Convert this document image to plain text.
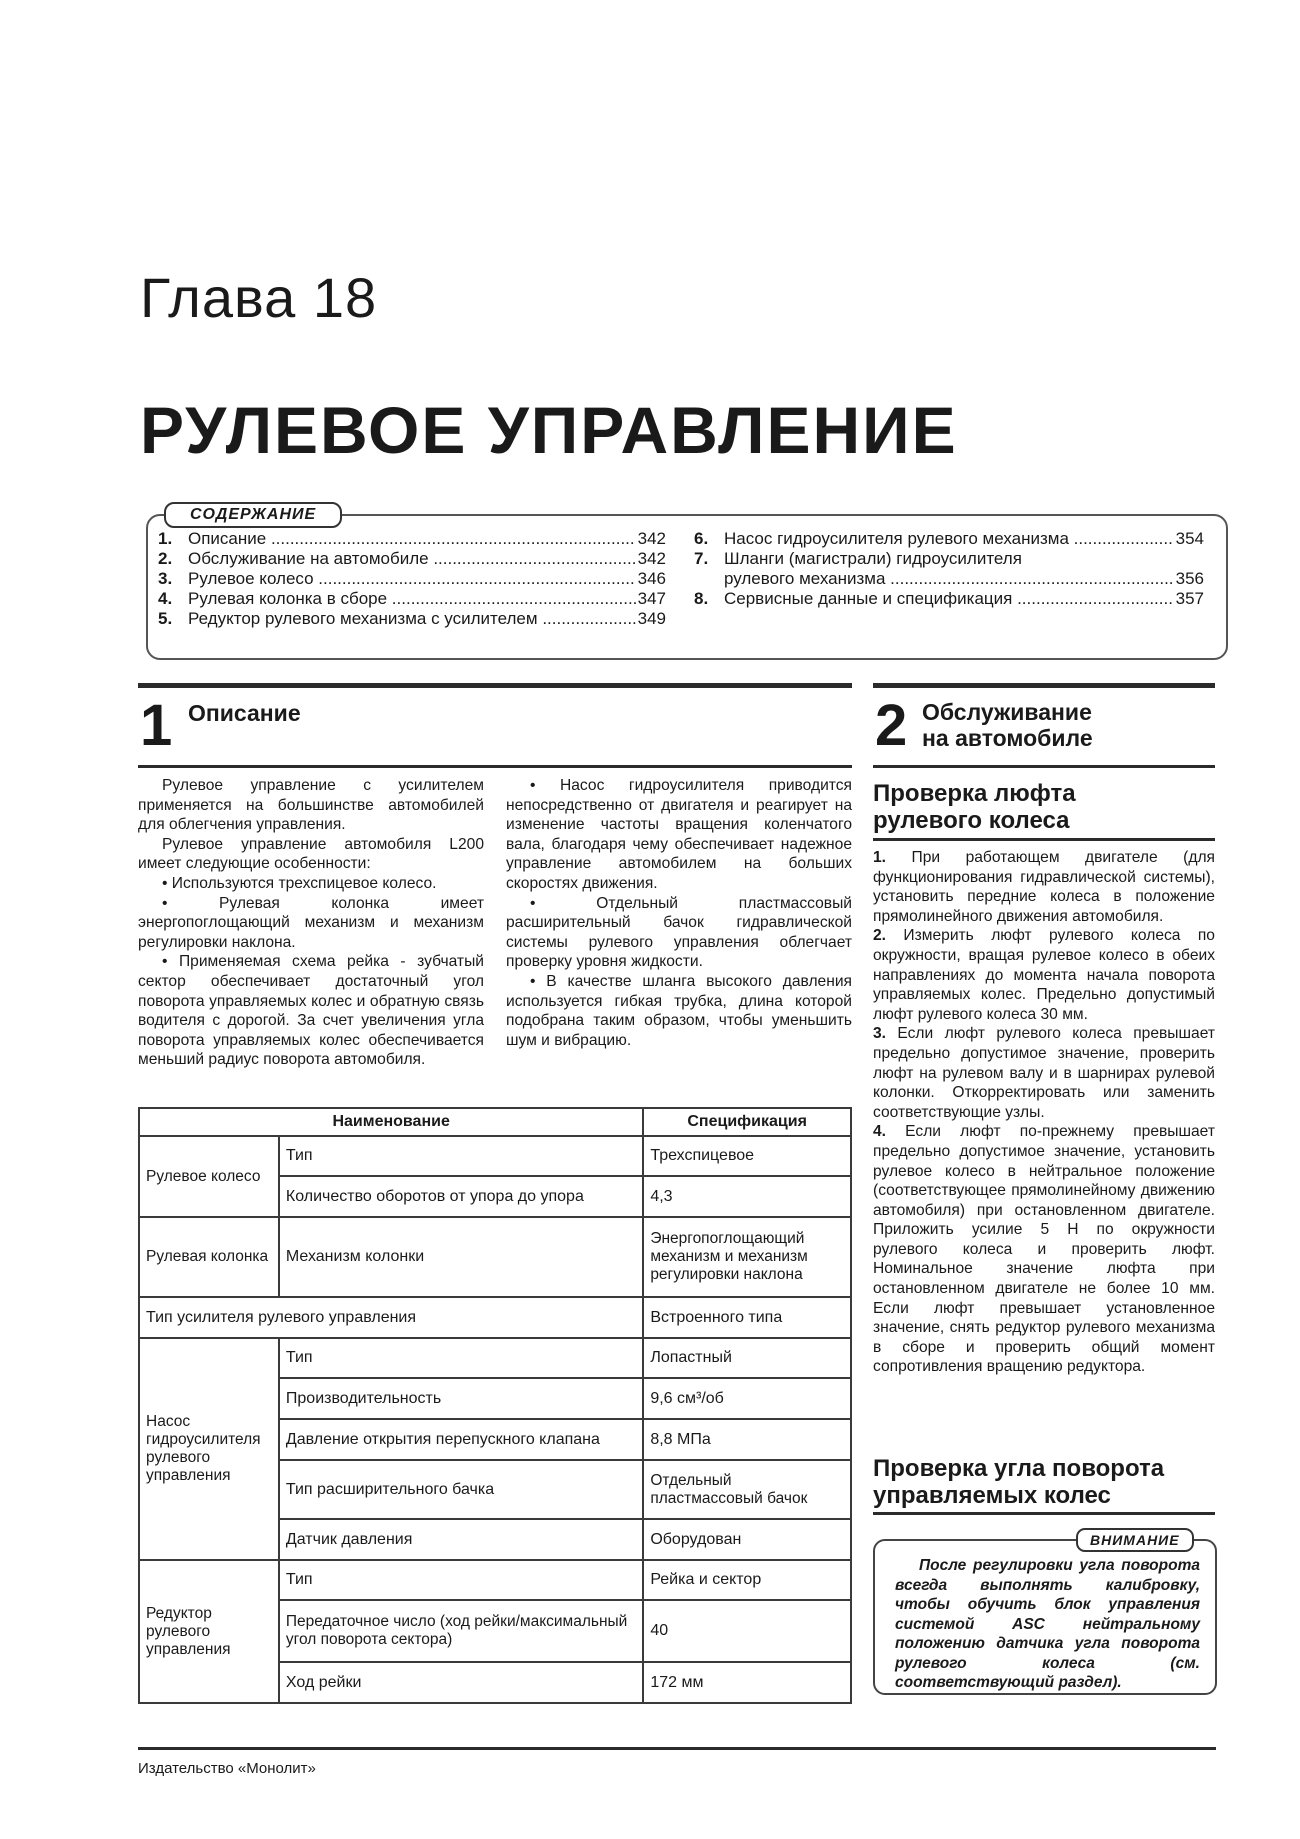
Глава 18
РУЛЕВОЕ УПРАВЛЕНИЕ
СОДЕРЖАНИЕ
1. Описание .....	342
2. Обслуживание на автомобиле .....	342
3. Рулевое колесо .....	346
4. Рулевая колонка в сборе .....	347
5. Редуктор рулевого механизма с усилителем .....	349
6. Насос гидроусилителя рулевого механизма .....	354
7. Шланги (магистрали) гидроусилителя
рулевого механизма .....	356
8. Сервисные данные и спецификация .....	357
1 Описание

Рулевое управление с усилителем применяется на большинстве автомобилей для облегчения управления.

Рулевое управление автомобиля L200 имеет следующие особенности:

• Используются трехспицевое колесо.

• Рулевая колонка имеет энергопоглощающий механизм и механизм регулировки наклона.

• Применяемая схема рейка - зубчатый сектор обеспечивает достаточный угол поворота управляемых колес и обратную связь водителя с дорогой. За счет увеличения угла поворота управляемых колес обеспечивается меньший радиус поворота автомобиля.

• Насос гидроусилителя приводится непосредственно от двигателя и реагирует на изменение частоты вращения коленчатого вала, благодаря чему обеспечивает надежное управление автомобилем на больших скоростях движения.

• Отдельный пластмассовый расширительный бачок гидравлической системы рулевого управления облегчает проверку уровня жидкости.

• В качестве шланга высокого давления используется гибкая трубка, длина которой подобрана таким образом, чтобы уменьшить шум и вибрацию.

Наименование		Спецификация
Рулевое колесо	Тип	Трехспицевое
	Количество оборотов от упора до упора	4,3
Рулевая колонка	Механизм колонки	Энергопоглощающий механизм и механизм регулировки наклона
Тип усилителя рулевого управления		Встроенного типа
Насос гидроусилителя рулевого управления	Тип	Лопастный
	Производительность	9,6 см³/об
	Давление открытия перепускного клапана	8,8 МПа
	Тип расширительного бачка	Отдельный пластмассовый бачок
	Датчик давления	Оборудован
Редуктор рулевого управления	Тип	Рейка и сектор
	Передаточное число (ход рейки/максимальный угол поворота сектора)	40
	Ход рейки	172 мм
2 Обслуживание
на автомобиле
Проверка люфта
рулевого колеса

1. При работающем двигателе (для функционирования гидравлической системы), установить передние колеса в положение прямолинейного движения автомобиля.

2. Измерить люфт рулевого колеса по окружности, вращая рулевое колесо в обеих направлениях до момента начала поворота управляемых колес. Предельно допустимый люфт рулевого колеса 30 мм.

3. Если люфт рулевого колеса превышает предельно допустимое значение, проверить люфт на рулевом валу и в шарнирах рулевой колонки. Откорректировать или заменить соответствующие узлы.

4. Если люфт по-прежнему превышает предельно допустимое значение, установить рулевое колесо в нейтральное положение (соответствующее прямолинейному движению автомобиля) при остановленном двигателе. Приложить усилие 5 Н по окружности рулевого колеса и проверить люфт. Номинальное значение люфта при остановленном двигателе не более 10 мм. Если люфт превышает установленное значение, снять редуктор рулевого механизма в сборе и проверить общий момент сопротивления вращению редуктора.

Проверка угла поворота
управляемых колес
ВНИМАНИЕ
После регулировки угла поворота всегда выполнять калибровку, чтобы обучить блок управления системой ASC нейтральному положению датчика угла поворота рулевого колеса (см. соответствующий раздел).
Издательство «Монолит»
